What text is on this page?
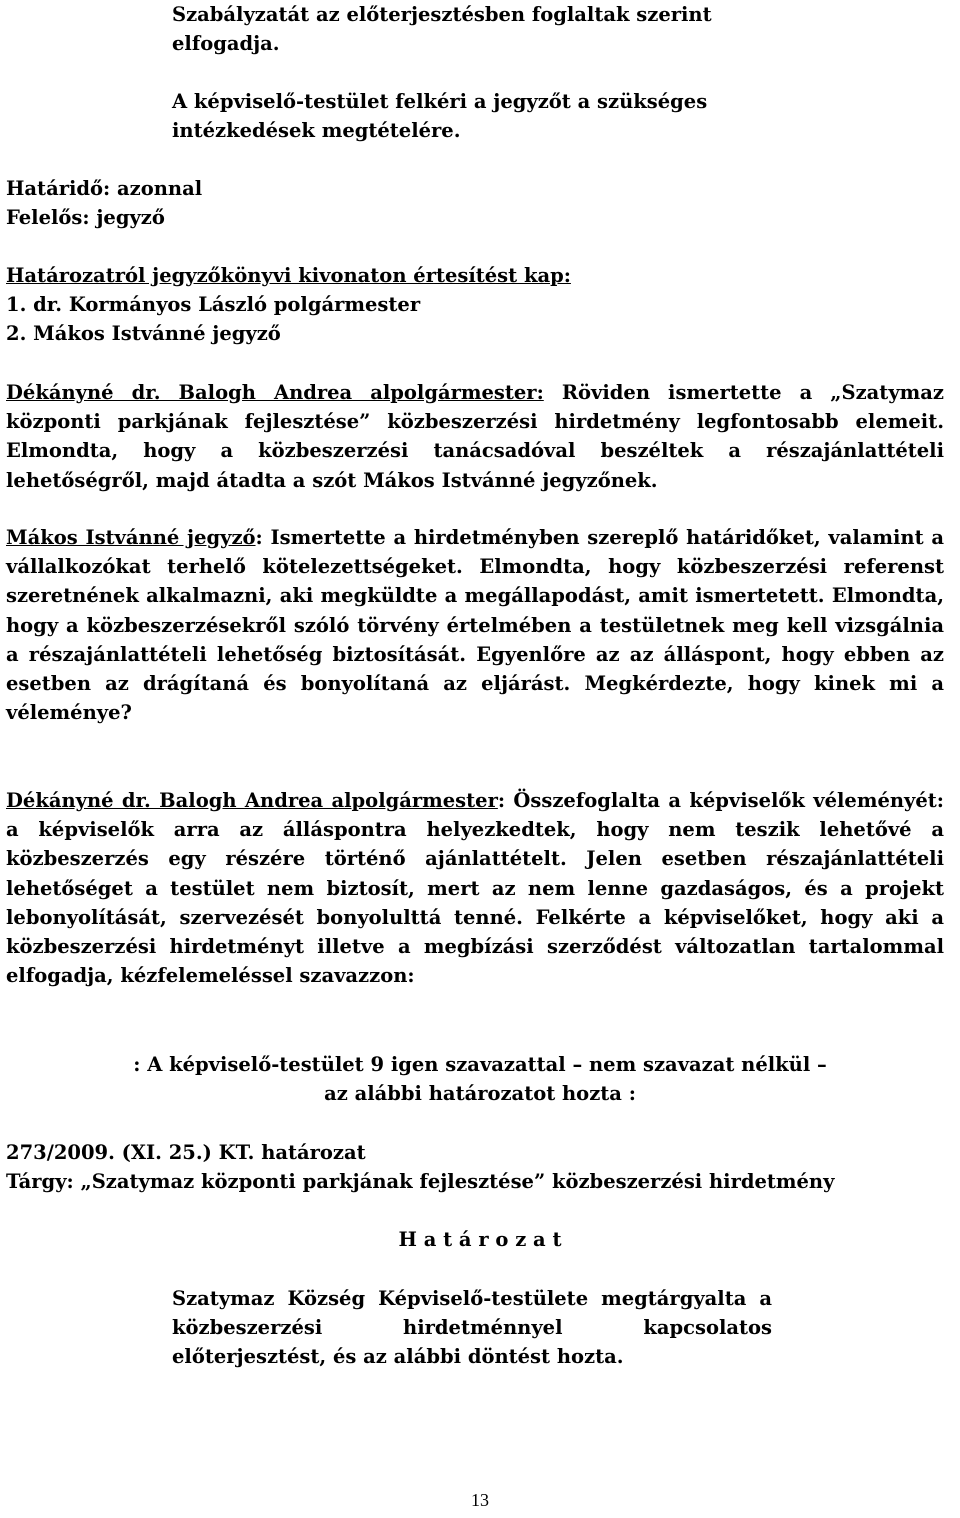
Szabályzatát az előterjesztésben foglaltak szerint
elfogadja.
A képviselő-testület felkéri a jegyzőt a szükséges
intézkedések megtételére.
Határidő: azonnal
Felelős: jegyző
Határozatról jegyzőkönyvi kivonaton értesítést kap:
1. dr. Kormányos László polgármester
2. Mákos Istvánné jegyző
Dékányné dr. Balogh Andrea alpolgármester: Röviden ismertette a „Szatymaz központi parkjának fejlesztése” közbeszerzési hirdetmény legfontosabb elemeit. Elmondta, hogy a közbeszerzési tanácsadóval beszéltek a részajánlattételi lehetőségről, majd átadta a szót Mákos Istvánné jegyzőnek.
Mákos Istvánné jegyző: Ismertette a hirdetményben szereplő határidőket, valamint a vállalkozókat terhelő kötelezettségeket. Elmondta, hogy közbeszerzési referenst szeretnének alkalmazni, aki megküldte a megállapodást, amit ismertetett. Elmondta, hogy a közbeszerzésekről szóló törvény értelmében a testületnek meg kell vizsgálnia a részajánlattételi lehetőség biztosítását. Egyenlőre az az álláspont, hogy ebben az esetben az drágítaná és bonyolítaná az eljárást. Megkérdezte, hogy kinek mi a véleménye?
Dékányné dr. Balogh Andrea alpolgármester: Összefoglalta a képviselők véleményét: a képviselők arra az álláspontra helyezkedtek, hogy nem teszik lehetővé a közbeszerzés egy részére történő ajánlattételt. Jelen esetben részajánlattételi lehetőséget a testület nem biztosít, mert az nem lenne gazdaságos, és a projekt lebonyolítását, szervezését bonyolulttá tenné. Felkérte a képviselőket, hogy aki a közbeszerzési hirdetményt illetve a megbízási szerződést változatlan tartalommal elfogadja, kézfelemeléssel szavazzon:
: A képviselő-testület 9 igen szavazattal – nem szavazat nélkül –
az alábbi határozatot hozta :
273/2009. (XI. 25.) KT. határozat
Tárgy: „Szatymaz központi parkjának fejlesztése” közbeszerzési hirdetmény
H a t á r o z a t
Szatymaz Község Képviselő-testülete megtárgyalta a közbeszerzési hirdetménnyel kapcsolatos előterjesztést, és az alábbi döntést hozta.
13
